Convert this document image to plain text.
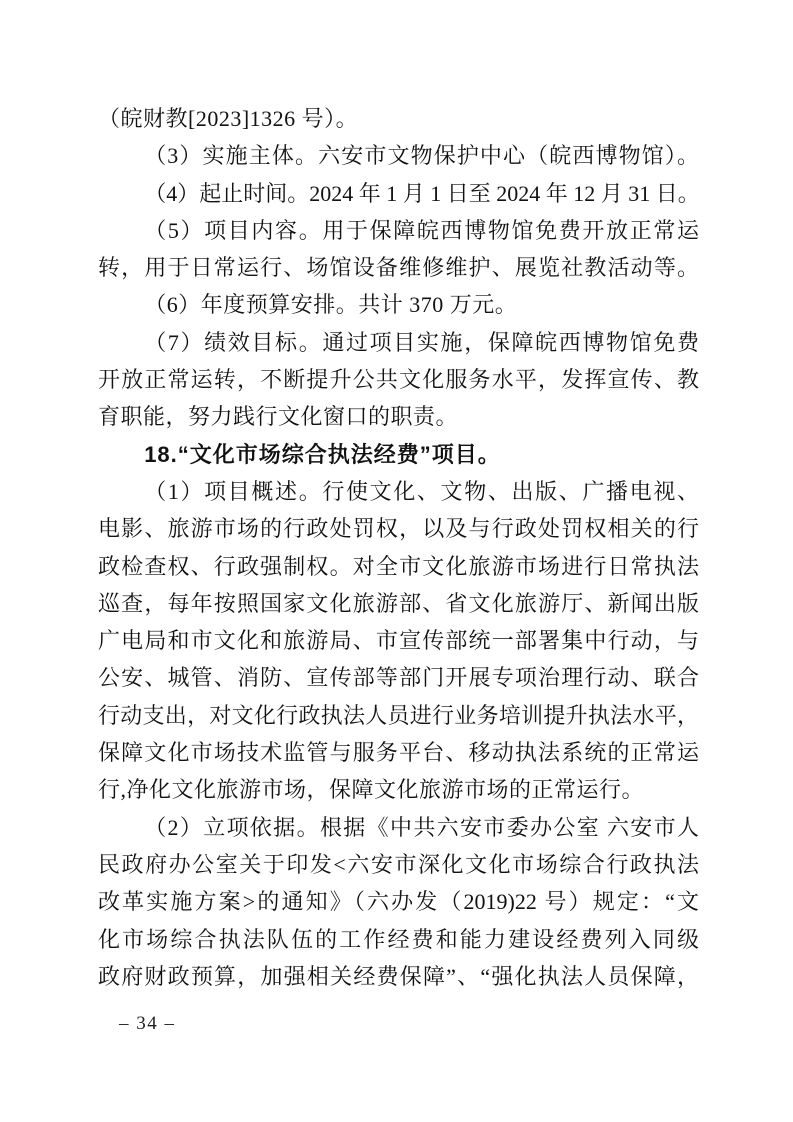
（皖财教[2023]1326 号）。
（3）实施主体。六安市文物保护中心（皖西博物馆）。
（4）起止时间。2024 年 1 月 1 日至 2024 年 12 月 31 日。
（5）项目内容。用于保障皖西博物馆免费开放正常运
转，用于日常运行、场馆设备维修维护、展览社教活动等。
（6）年度预算安排。共计 370 万元。
（7）绩效目标。通过项目实施，保障皖西博物馆免费
开放正常运转，不断提升公共文化服务水平，发挥宣传、教
育职能，努力践行文化窗口的职责。
18.“文化市场综合执法经费”项目。
（1）项目概述。行使文化、文物、出版、广播电视、
电影、旅游市场的行政处罚权，以及与行政处罚权相关的行
政检查权、行政强制权。对全市文化旅游市场进行日常执法
巡查，每年按照国家文化旅游部、省文化旅游厅、新闻出版
广电局和市文化和旅游局、市宣传部统一部署集中行动，与
公安、城管、消防、宣传部等部门开展专项治理行动、联合
行动支出，对文化行政执法人员进行业务培训提升执法水平，
保障文化市场技术监管与服务平台、移动执法系统的正常运
行,净化文化旅游市场，保障文化旅游市场的正常运行。
（2）立项依据。根据《中共六安市委办公室 六安市人
民政府办公室关于印发<六安市深化文化市场综合行政执法
改革实施方案>的通知》（六办发（2019)22 号）规定：“文
化市场综合执法队伍的工作经费和能力建设经费列入同级
政府财政预算，加强相关经费保障”、“强化执法人员保障，
– 34 –
